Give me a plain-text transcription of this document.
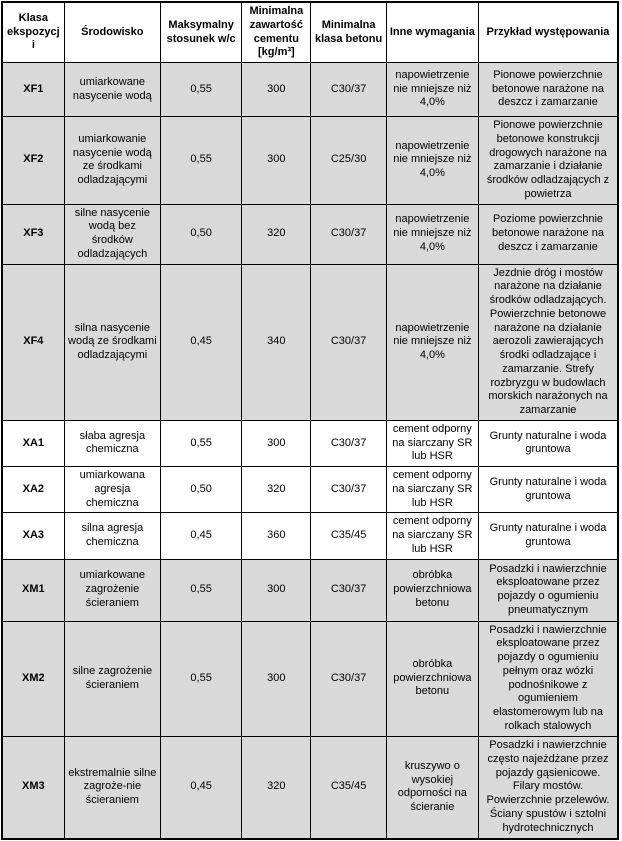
Klasa ekspozycji	Środowisko	Maksymalny stosunek w/c	Minimalna zawartość cementu [kg/m³]	Minimalna klasa betonu	Inne wymagania	Przykład występowania
XF1	umiarkowane nasycenie wodą	0,55	300	C30/37	napowietrzenie nie mniejsze niż 4,0%	Pionowe powierzchnie betonowe narażone na deszcz i zamarzanie
XF2	umiarkowanie nasycenie wodą ze środkami odladzającymi	0,55	300	C25/30	napowietrzenie nie mniejsze niż 4,0%	Pionowe powierzchnie betonowe konstrukcji drogowych narażone na zamarzanie i działanie środków odladzających z powietrza
XF3	silne nasycenie wodą bez środków odladzających	0,50	320	C30/37	napowietrzenie nie mniejsze niż 4,0%	Poziome powierzchnie betonowe narażone na deszcz i zamarzanie
XF4	silna nasycenie wodą ze środkami odladzającymi	0,45	340	C30/37	napowietrzenie nie mniejsze niż 4,0%	Jezdnie dróg i mostów narażone na działanie środków odladzających. Powierzchnie betonowe narażone na działanie aerozoli zawierających środki odladzające i zamarzanie. Strefy rozbryzgu w budowlach morskich narażonych na zamarzanie
XA1	słaba agresja chemiczna	0,55	300	C30/37	cement odporny na siarczany SR lub HSR	Grunty naturalne i woda gruntowa
XA2	umiarkowana agresja chemiczna	0,50	320	C30/37	cement odporny na siarczany SR lub HSR	Grunty naturalne i woda gruntowa
XA3	silna agresja chemiczna	0,45	360	C35/45	cement odporny na siarczany SR lub HSR	Grunty naturalne i woda gruntowa
XM1	umiarkowane zagrożenie ścieraniem	0,55	300	C30/37	obróbka powierzchniowa betonu	Posadzki i nawierzchnie eksploatowane przez pojazdy o ogumieniu pneumatycznym
XM2	silne zagrożenie ścieraniem	0,55	300	C30/37	obróbka powierzchniowa betonu	Posadzki i nawierzchnie eksploatowane przez pojazdy o ogumieniu pełnym oraz wózki podnośnikowe z ogumieniem elastomerowym lub na rolkach stalowych
XM3	ekstremalnie silne zagroże-nie ścieraniem	0,45	320	C35/45	kruszywo o wysokiej odporności na ścieranie	Posadzki i nawierzchnie często najeżdżane przez pojazdy gąsienicowe. Filary mostów. Powierzchnie przelewów. Ściany spustów i sztolni hydrotechnicznych
